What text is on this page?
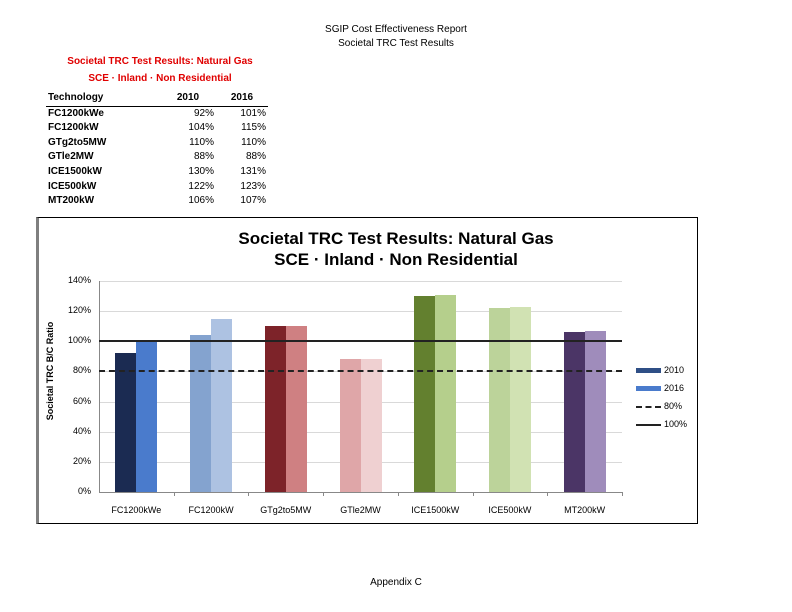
SGIP Cost Effectiveness Report
Societal TRC Test Results
Societal TRC Test Results: Natural Gas
SCE · Inland · Non Residential
Technology	2010	2016
FC1200kWe	92%	101%
FC1200kW	104%	115%
GTg2to5MW	110%	110%
GTle2MW	88%	88%
ICE1500kW	130%	131%
ICE500kW	122%	123%
MT200kW	106%	107%
Societal TRC Test Results: Natural Gas
SCE · Inland · Non Residential
Societal TRC B/C Ratio
0%
20%
40%
60%
80%
100%
120%
140%
FC1200kWe	FC1200kW	GTg2to5MW	GTle2MW	ICE1500kW	ICE500kW	MT200kW
2010
2016
80%
100%
Appendix C
